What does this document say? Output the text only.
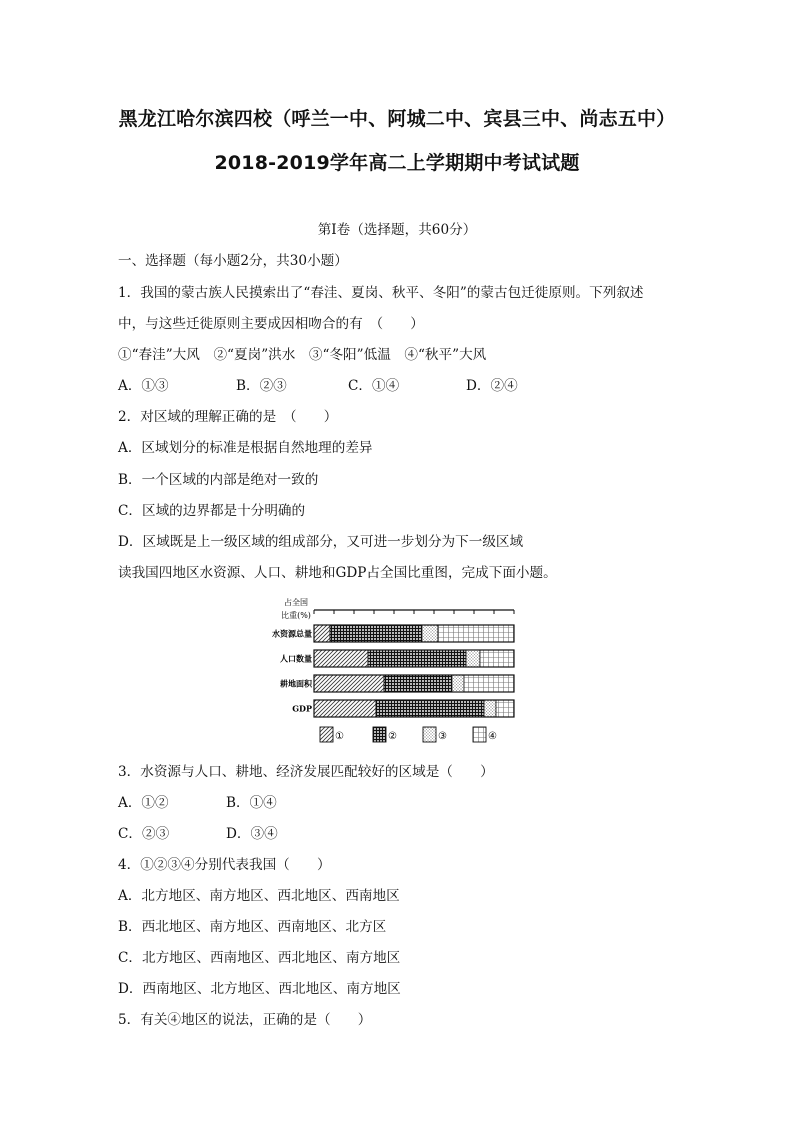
黑龙江哈尔滨四校（呼兰一中、阿城二中、宾县三中、尚志五中）
2018-2019学年高二上学期期中考试试题
第Ⅰ卷（选择题，共60分）
一、选择题（每小题2分，共30小题）
1．我国的蒙古族人民摸索出了“春洼、夏岗、秋平、冬阳”的蒙古包迁徙原则。下列叙述
中，与这些迁徙原则主要成因相吻合的有　（　　）
①“春洼”大风　②“夏岗”洪水　③“冬阳”低温　④“秋平”大风
A．①③	B．②③	C．①④	D．②④
2．对区域的理解正确的是　（　　）
A．区域划分的标准是根据自然地理的差异
B．一个区域的内部是绝对一致的
C．区域的边界都是十分明确的
D．区域既是上一级区域的组成部分，又可进一步划分为下一级区域
读我国四地区水资源、人口、耕地和GDP占全国比重图，完成下面小题。
占全国
比重(%)
水资源总量
人口数量
耕地面积
GDP
①	②	③	④
3．水资源与人口、耕地、经济发展匹配较好的区域是（　　）
A．①②	B．①④
C．②③	D．③④
4．①②③④分别代表我国（　　）
A．北方地区、南方地区、西北地区、西南地区
B．西北地区、南方地区、西南地区、北方区
C．北方地区、西南地区、西北地区、南方地区
D．西南地区、北方地区、西北地区、南方地区
5．有关④地区的说法，正确的是（　　）
